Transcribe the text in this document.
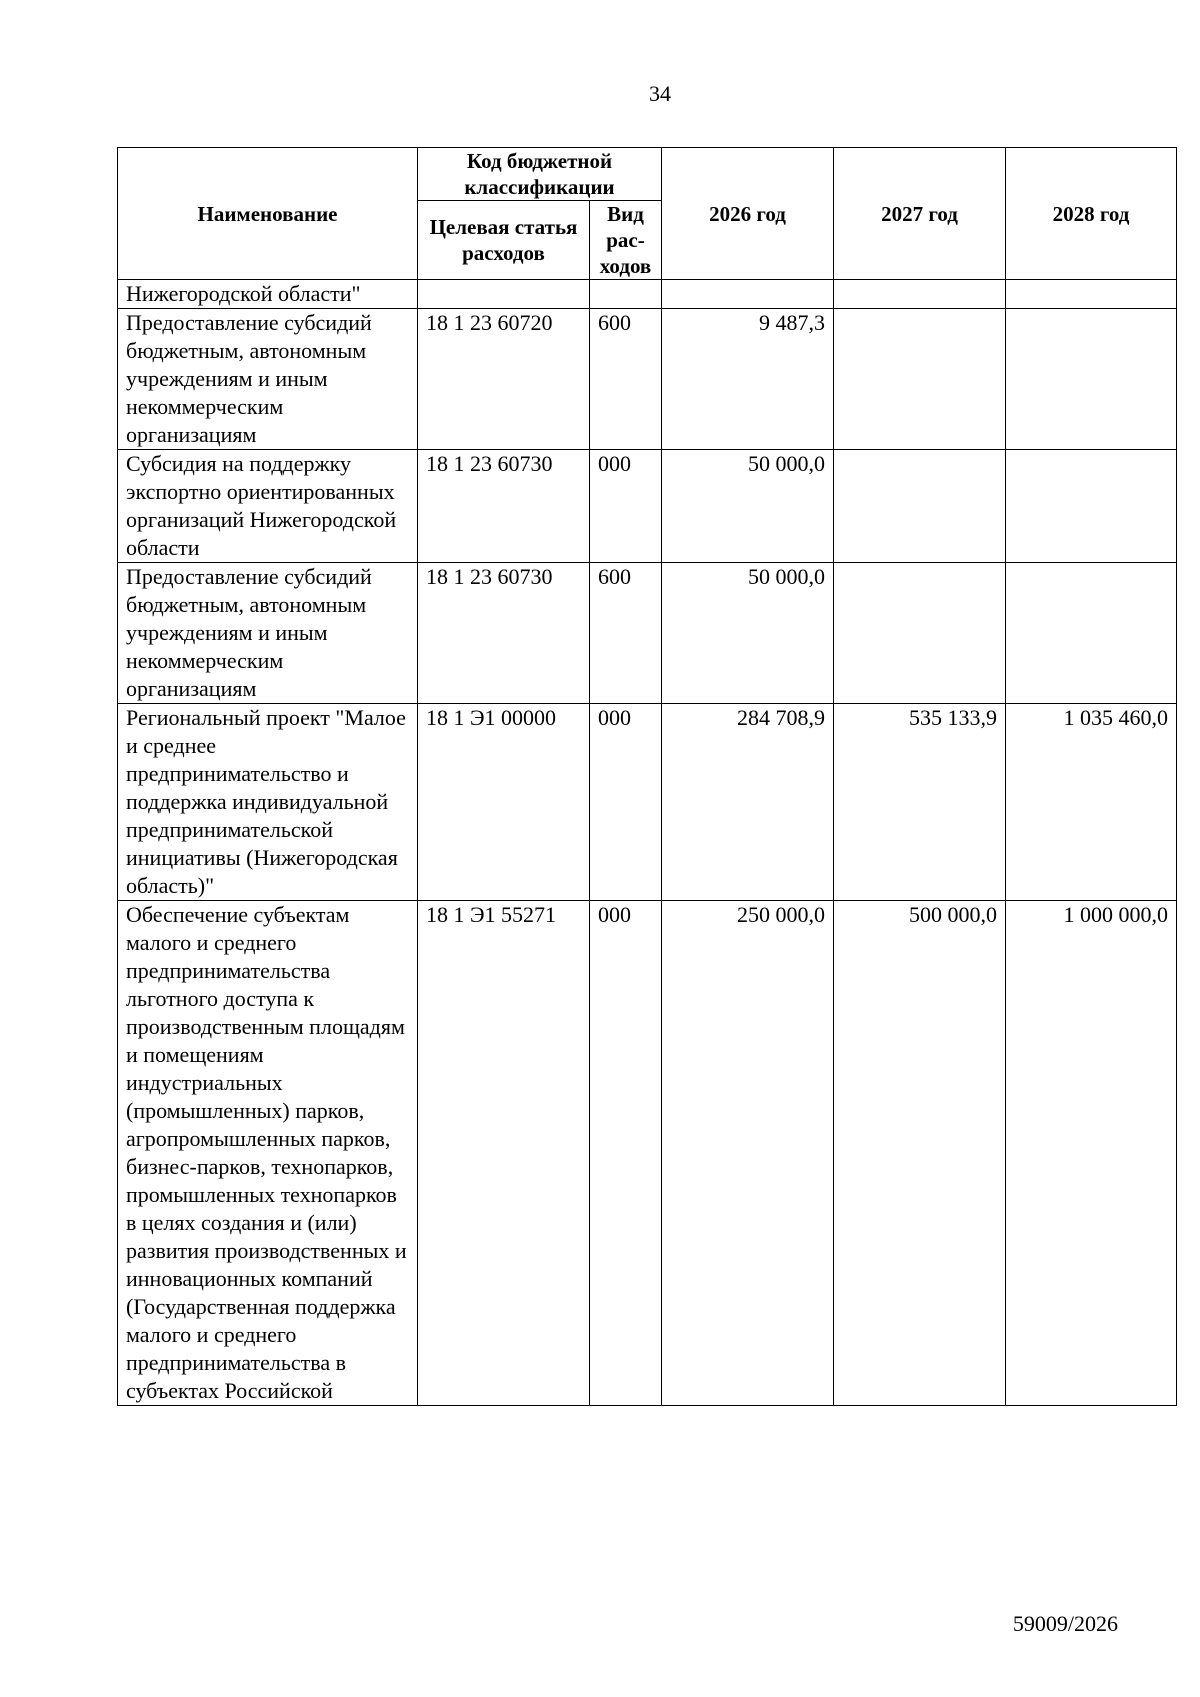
34
Наименование	Код бюджетной классификации		2026 год	2027 год	2028 год
	Целевая статья расходов	Вид рас-ходов			
Нижегородской области"					
Предоставление субсидий бюджетным, автономным учреждениям и иным некоммерческим организациям	18 1 23 60720	600	9 487,3		
Субсидия на поддержку экспортно ориентированных организаций Нижегородской области	18 1 23 60730	000	50 000,0		
Предоставление субсидий бюджетным, автономным учреждениям и иным некоммерческим организациям	18 1 23 60730	600	50 000,0		
Региональный проект "Малое и среднее предпринимательство и поддержка индивидуальной предпринимательской инициативы (Нижегородская область)"	18 1 Э1 00000	000	284 708,9	535 133,9	1 035 460,0
Обеспечение субъектам малого и среднего предпринимательства льготного доступа к производственным площадям и помещениям индустриальных (промышленных) парков, агропромышленных парков, бизнес-парков, технопарков, промышленных технопарков в целях создания и (или) развития производственных и инновационных компаний (Государственная поддержка малого и среднего предпринимательства в субъектах Российской	18 1 Э1 55271	000	250 000,0	500 000,0	1 000 000,0
59009/2026
